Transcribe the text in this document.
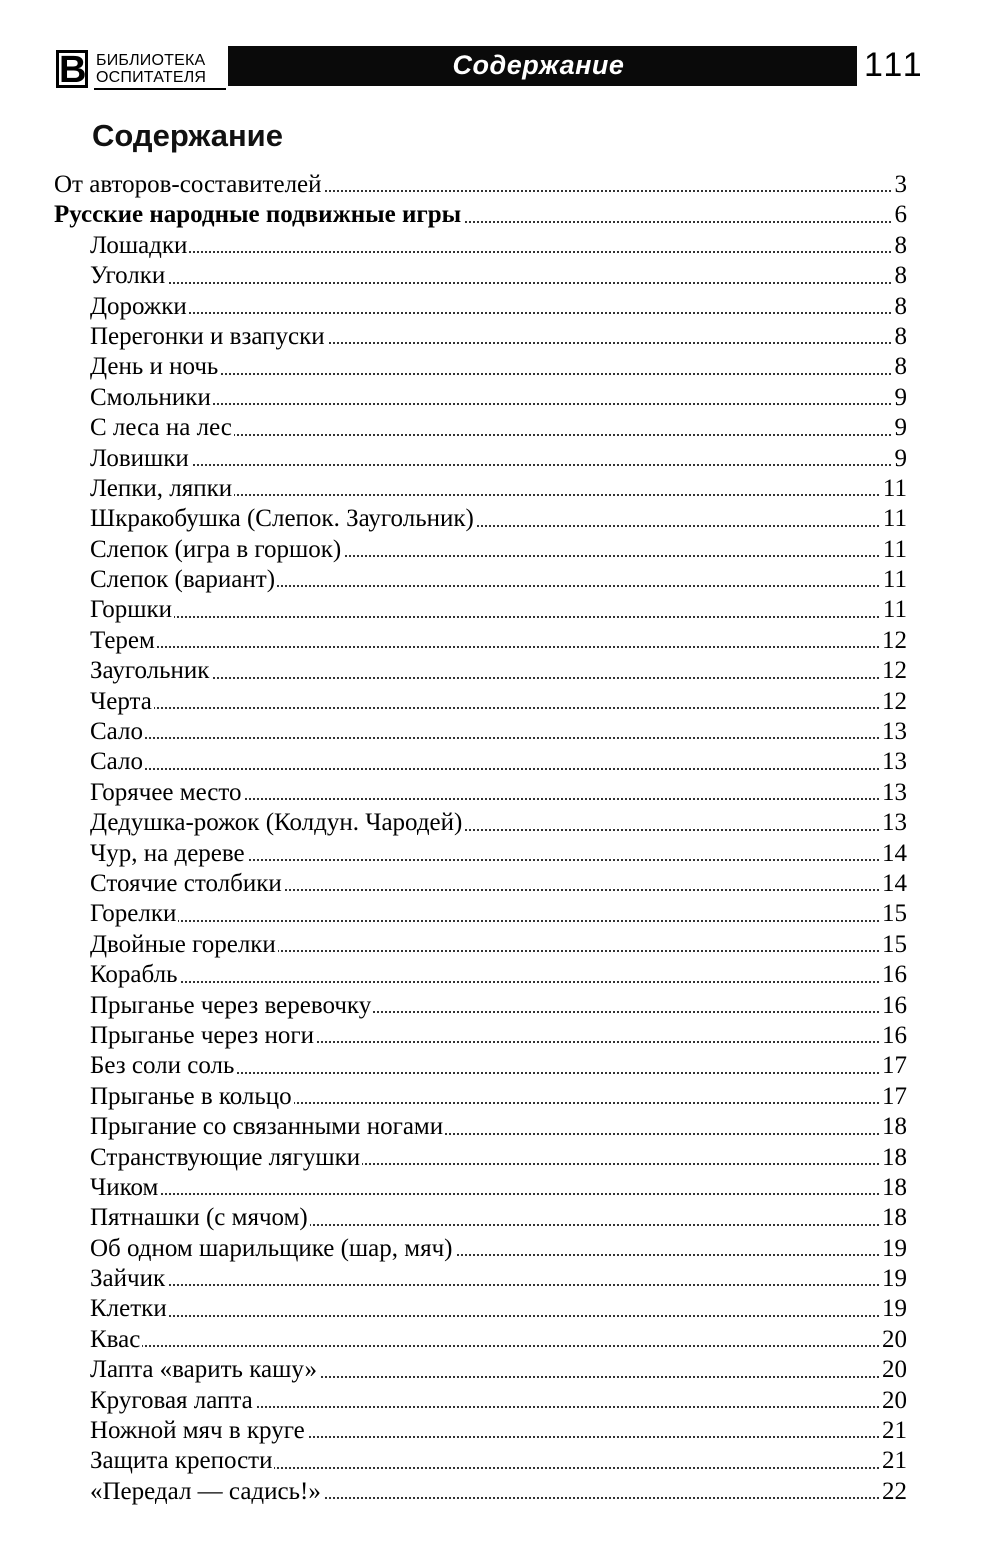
В БИБЛИОТЕКА
ОСПИТАТЕЛЯ	Содержание	111
Содержание
От авторов-составителей	3
Русские народные подвижные игры	6
Лошадки	8
Уголки	8
Дорожки	8
Перегонки и взапуски	8
День и ночь	8
Смольники	9
С леса на лес	9
Ловишки	9
Лепки, ляпки	11
Шкракобушка (Слепок. Заугольник)	11
Слепок (игра в горшок)	11
Слепок (вариант)	11
Горшки	11
Терем	12
Заугольник	12
Черта	12
Сало	13
Сало	13
Горячее место	13
Дедушка-рожок (Колдун. Чародей)	13
Чур, на дереве	14
Стоячие столбики	14
Горелки	15
Двойные горелки	15
Корабль	16
Прыганье через веревочку	16
Прыганье через ноги	16
Без соли соль	17
Прыганье в кольцо	17
Прыгание со связанными ногами	18
Странствующие лягушки	18
Чиком	18
Пятнашки (с мячом)	18
Об одном шарильщике (шар, мяч)	19
Зайчик	19
Клетки	19
Квас	20
Лапта «варить кашу»	20
Круговая лапта	20
Ножной мяч в круге	21
Защита крепости	21
«Передал — садись!»	22
